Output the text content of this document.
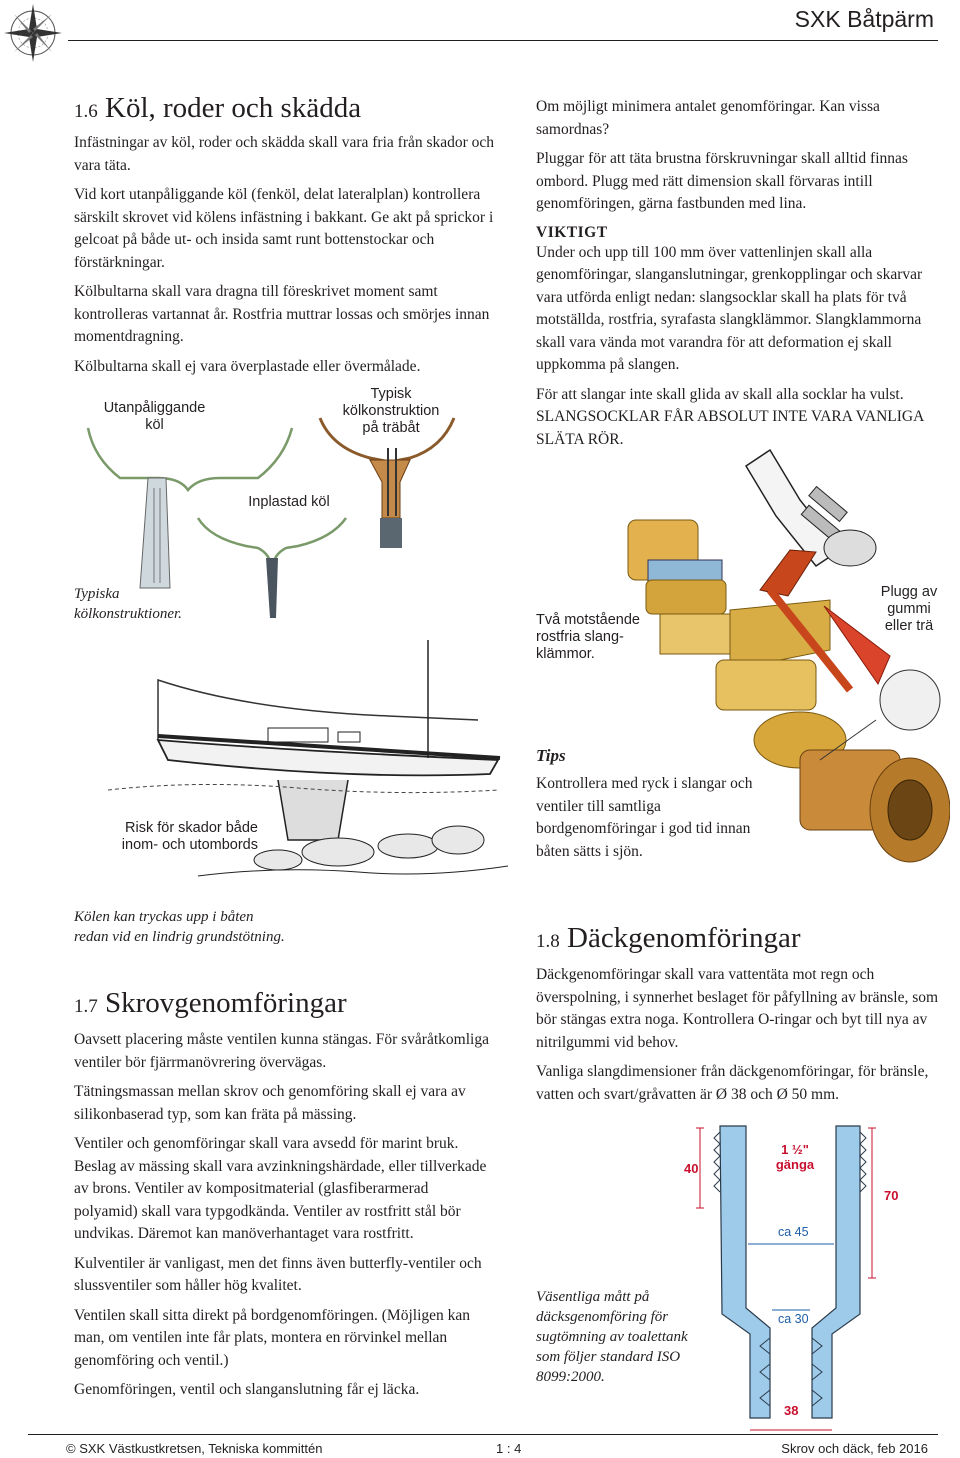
SXK Båtpärm
1.6 Köl, roder och skädda

Infästningar av köl, roder och skädda skall vara fria från skador och vara täta.

Vid kort utanpåliggande köl (fenköl, delat lateralplan) kontrollera särskilt skrovet vid kölens infästning i bakkant. Ge akt på sprickor i gelcoat på både ut- och insida samt runt bottenstockar och förstärkningar.

Kölbultarna skall vara dragna till föreskrivet moment samt kontrolleras vartannat år. Rostfria muttrar lossas och smörjes innan momentdragning.

Kölbultarna skall ej vara överplastade eller övermålade.

Utanpåliggande
köl
Typisk
kölkonstruktion
på träbåt
Inplastad köl
Typiska
kölkonstruktioner.
Risk för skador både
inom- och utombords
Kölen kan tryckas upp i båten
redan vid en lindrig grundstötning.
1.7 Skrovgenomföringar

Oavsett placering måste ventilen kunna stängas. För svåråtkomliga ventiler bör fjärrmanövrering övervägas.

Tätningsmassan mellan skrov och genomföring skall ej vara av silikonbaserad typ, som kan fräta på mässing.

Ventiler och genomföringar skall vara avsedd för marint bruk. Beslag av mässing skall vara avzinkningshärdade, eller tillverkade av brons. Ventiler av kompositmaterial (glasfiberarmerad polyamid) skall vara typgodkända. Ventiler av rostfritt stål bör undvikas. Däremot kan manöverhantaget vara rostfritt.

Kulventiler är vanligast, men det finns även butterfly-ventiler och slussventiler som håller hög kvalitet.

Ventilen skall sitta direkt på bordgenomföringen. (Möjligen kan man, om ventilen inte får plats, montera en rörvinkel mellan genomföring och ventil.)

Genomföringen, ventil och slanganslutning får ej läcka.

Om möjligt minimera antalet genomföringar. Kan vissa samordnas?

Pluggar för att täta brustna förskruvningar skall alltid finnas ombord. Plugg med rätt dimension skall förvaras intill genomföringen, gärna fastbunden med lina.

VIKTIGT

Under och upp till 100 mm över vattenlinjen skall alla genomföringar, slanganslutningar, grenkopplingar och skarvar vara utförda enligt nedan: slangsocklar skall ha plats för två motställda, rostfria, syrafasta slangklämmor. Slangklammorna skall vara vända mot varandra för att deformation ej skall uppkomma på slangen.

För att slangar inte skall glida av skall alla socklar ha vulst. SLANGSOCKLAR FÅR ABSOLUT INTE VARA VANLIGA SLÄTA RÖR.

Två motstående
rostfria slang-
klämmor.
Plugg av
gummi
eller trä
Tips
Kontrollera med ryck i slangar och ventiler till samtliga bordgenomföringar i god tid innan båten sätts i sjön.
1.8 Däckgenomföringar

Däckgenomföringar skall vara vattentäta mot regn och överspolning, i synnerhet beslaget för påfyllning av bränsle, som bör stängas extra noga. Kontrollera O-ringar och byt till nya av nitrilgummi vid behov.

Vanliga slangdimensioner från däckgenomföringar, för bränsle, vatten och svart/gråvatten är Ø 38 och Ø 50 mm.

40
1 ½"
gänga
70
ca 45
ca 30
38
Väsentliga mått på
däcksgenomföring för
sugtömning av toalettank
som följer standard ISO
8099:2000.
© SXK Västkustkretsen, Tekniska kommittén	1 : 4	Skrov och däck, feb 2016
